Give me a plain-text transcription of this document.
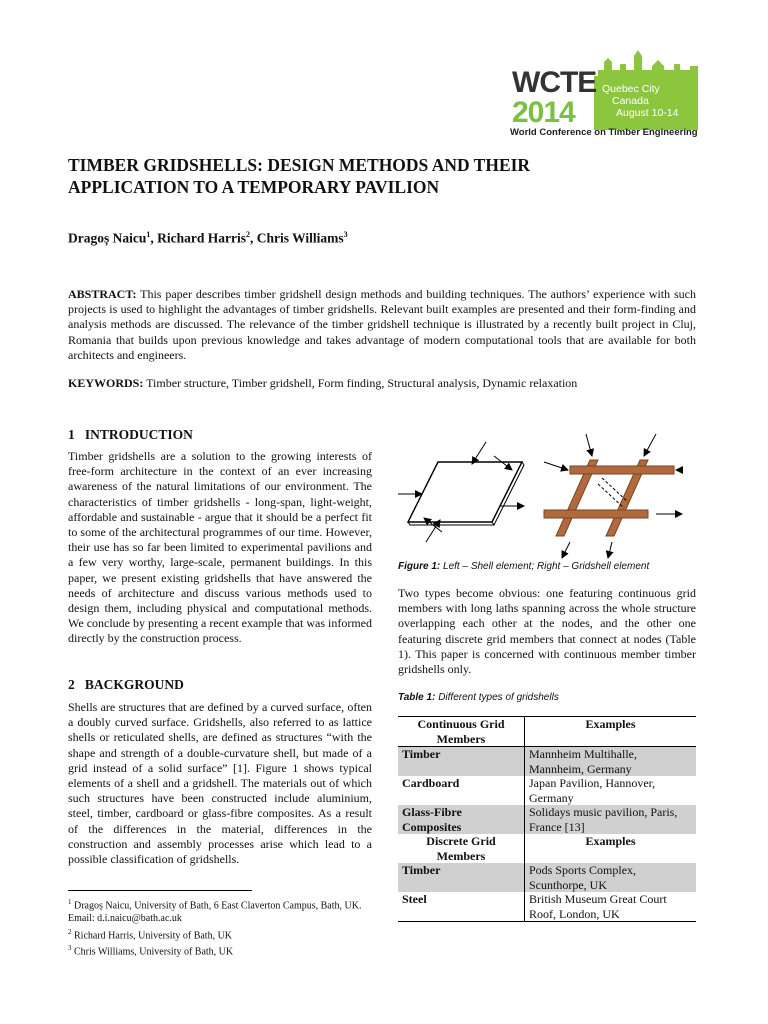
Quebec City
Canada
August 10-14
WCTE
2014
World Conference on Timber Engineering
TIMBER GRIDSHELLS: DESIGN METHODS AND THEIR
APPLICATION TO A TEMPORARY PAVILION
Dragoș Naicu$^1$, Richard Harris$^2$, Chris Williams$^3$
ABSTRACT: This paper describes timber gridshell design methods and building techniques. The authors’ experience with such projects is used to highlight the advantages of timber gridshells. Relevant built examples are presented and their form-finding and analysis methods are discussed. The relevance of the timber gridshell technique is illustrated by a recently built project in Cluj, Romania that builds upon previous knowledge and takes advantage of modern computational tools that are available for both architects and engineers.
KEYWORDS: Timber structure, Timber gridshell, Form finding, Structural analysis, Dynamic relaxation
1   INTRODUCTION
Timber gridshells are a solution to the growing interests of free-form architecture in the context of an ever increasing awareness of the natural limitations of our environment. The characteristics of timber gridshells - long-span, light-weight, affordable and sustainable - argue that it should be a perfect fit to some of the architectural programmes of our time. However, their use has so far been limited to experimental pavilions and a few very worthy, large-scale, permanent buildings. In this paper, we present existing gridshells that have answered the needs of architecture and discuss various methods used to design them, including physical and computational methods. We conclude by presenting a recent example that was informed directly by the construction process.
2   BACKGROUND
Shells are structures that are defined by a curved surface, often a doubly curved surface. Gridshells, also referred to as lattice shells or reticulated shells, are defined as structures “with the shape and strength of a double-curvature shell, but made of a grid instead of a solid surface” [1]. Figure 1 shows typical elements of a shell and a gridshell. The materials out of which such structures have been constructed include aluminium, steel, timber, cardboard or glass-fibre composites. As a result of the differences in the material, differences in the construction and assembly processes arise which lead to a possible classification of gridshells.
$^1$ Dragoș Naicu, University of Bath, 6 East Claverton Campus, Bath, UK. Email: d.i.naicu@bath.ac.uk
$^2$ Richard Harris, University of Bath, UK
$^3$ Chris Williams, University of Bath, UK
Figure 1: Left – Shell element; Right – Gridshell element
Two types become obvious: one featuring continuous grid members with long laths spanning across the whole structure overlapping each other at the nodes, and the other one featuring discrete grid members that connect at nodes (Table 1). This paper is concerned with continuous member timber gridshells only.
Table 1: Different types of gridshells
Continuous Grid Members	Examples
Timber	Mannheim Multihalle, Mannheim, Germany
Cardboard	Japan Pavilion, Hannover, Germany
Glass-Fibre Composites	Solidays music pavilion, Paris, France [13]
Discrete Grid Members	Examples
Timber	Pods Sports Complex, Scunthorpe, UK
Steel	British Museum Great Court Roof, London, UK
